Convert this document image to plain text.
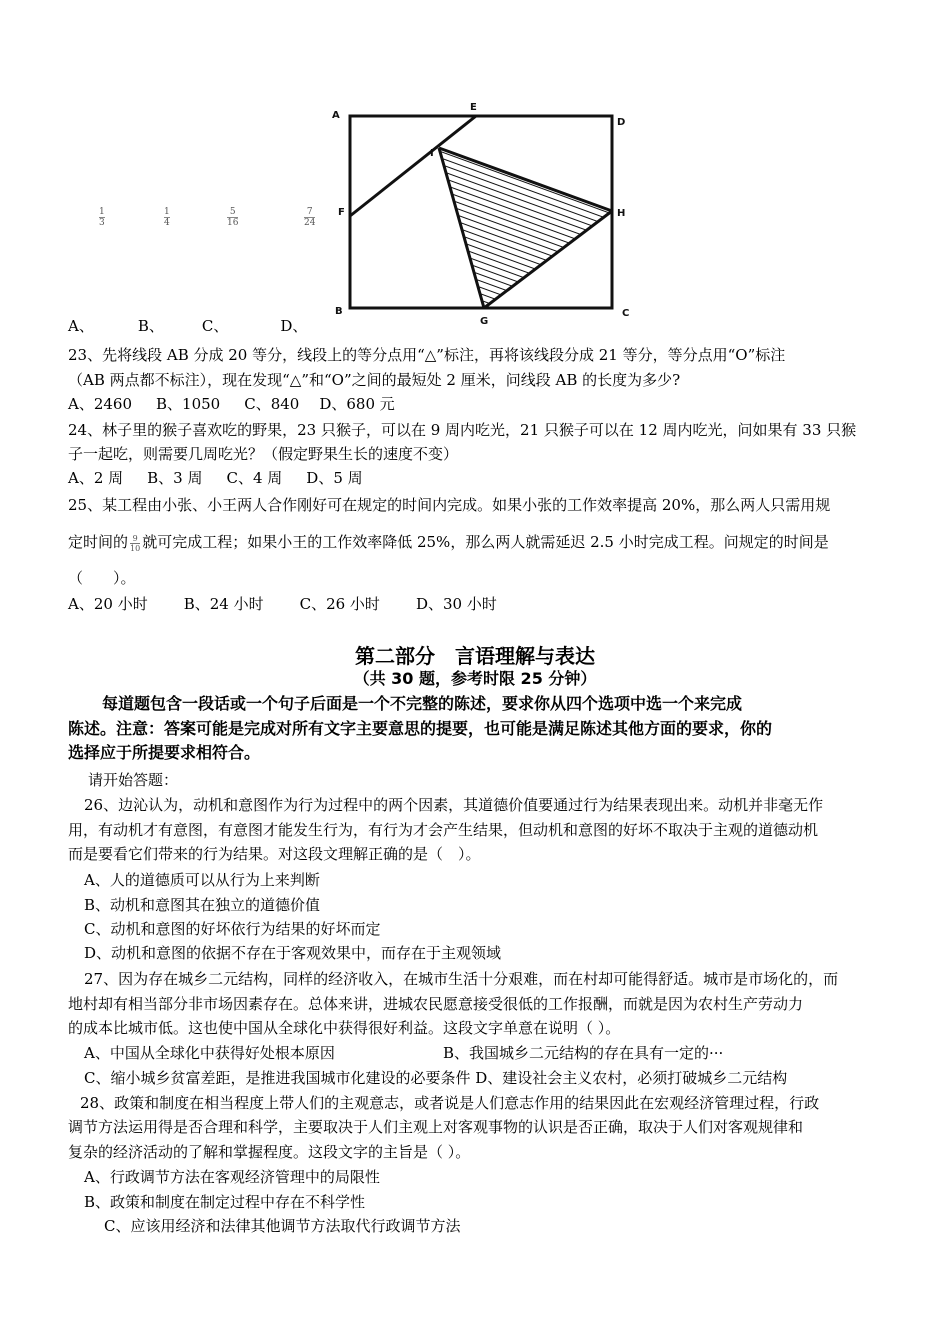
A
E
D
F
I
H
B
G
C
1
3
1
4
5
16
7
24
A、	B、	C、	D、
23、先将线段 AB 分成 20 等分，线段上的等分点用“△”标注，再将该线段分成 21 等分，等分点用“O”标注
（AB 两点都不标注），现在发现“△”和“O”之间的最短处 2 厘米，问线段 AB 的长度为多少?
A、2460 B、1050 C、840 D、680 元
24、林子里的猴子喜欢吃的野果，23 只猴子，可以在 9 周内吃光，21 只猴子可以在 12 周内吃光，问如果有 33 只猴
子一起吃，则需要几周吃光？（假定野果生长的速度不变）
A、2 周 B、3 周 C、4 周 D、5 周
25、某工程由小张、小王两人合作刚好可在规定的时间内完成。如果小张的工作效率提高 20%，那么两人只需用规
定时间的 $\frac{9}{10}$ 就可完成工程；如果小王的工作效率降低 25%，那么两人就需延迟 2.5 小时完成工程。问规定的时间是
（　　）。
A、20 小时 B、24 小时 C、26 小时 D、30 小时
第二部分　言语理解与表达
（共 30 题，参考时限 25 分钟）
每道题包含一段话或一个句子后面是一个不完整的陈述，要求你从四个选项中选一个来完成
陈述。注意：答案可能是完成对所有文字主要意思的提要，也可能是满足陈述其他方面的要求，你的
选择应于所提要求相符合。
请开始答题：
26、边沁认为，动机和意图作为行为过程中的两个因素，其道德价值要通过行为结果表现出来。动机并非毫无作
用，有动机才有意图，有意图才能发生行为，有行为才会产生结果，但动机和意图的好坏不取决于主观的道德动机
而是要看它们带来的行为结果。对这段文理解正确的是（　）。
A、人的道德质可以从行为上来判断
B、动机和意图其在独立的道德价值
C、动机和意图的好坏依行为结果的好坏而定
D、动机和意图的依据不存在于客观效果中，而存在于主观领域
27、因为存在城乡二元结构，同样的经济收入，在城市生活十分艰难，而在村却可能得舒适。城市是市场化的，而
地村却有相当部分非市场因素存在。总体来讲，进城农民愿意接受很低的工作报酬，而就是因为农村生产劳动力
的成本比城市低。这也使中国从全球化中获得很好利益。这段文字单意在说明（ ）。
A、中国从全球化中获得好处根本原因	B、我国城乡二元结构的存在具有一定的···
C、缩小城乡贫富差距，是推进我国城市化建设的必要条件 D、建设社会主义农村，必须打破城乡二元结构
28、政策和制度在相当程度上带人们的主观意志，或者说是人们意志作用的结果因此在宏观经济管理过程，行政
调节方法运用得是否合理和科学，主要取决于人们主观上对客观事物的认识是否正确，取决于人们对客观规律和
复杂的经济活动的了解和掌握程度。这段文字的主旨是（ ）。
A、行政调节方法在客观经济管理中的局限性
B、政策和制度在制定过程中存在不科学性
C、应该用经济和法律其他调节方法取代行政调节方法
